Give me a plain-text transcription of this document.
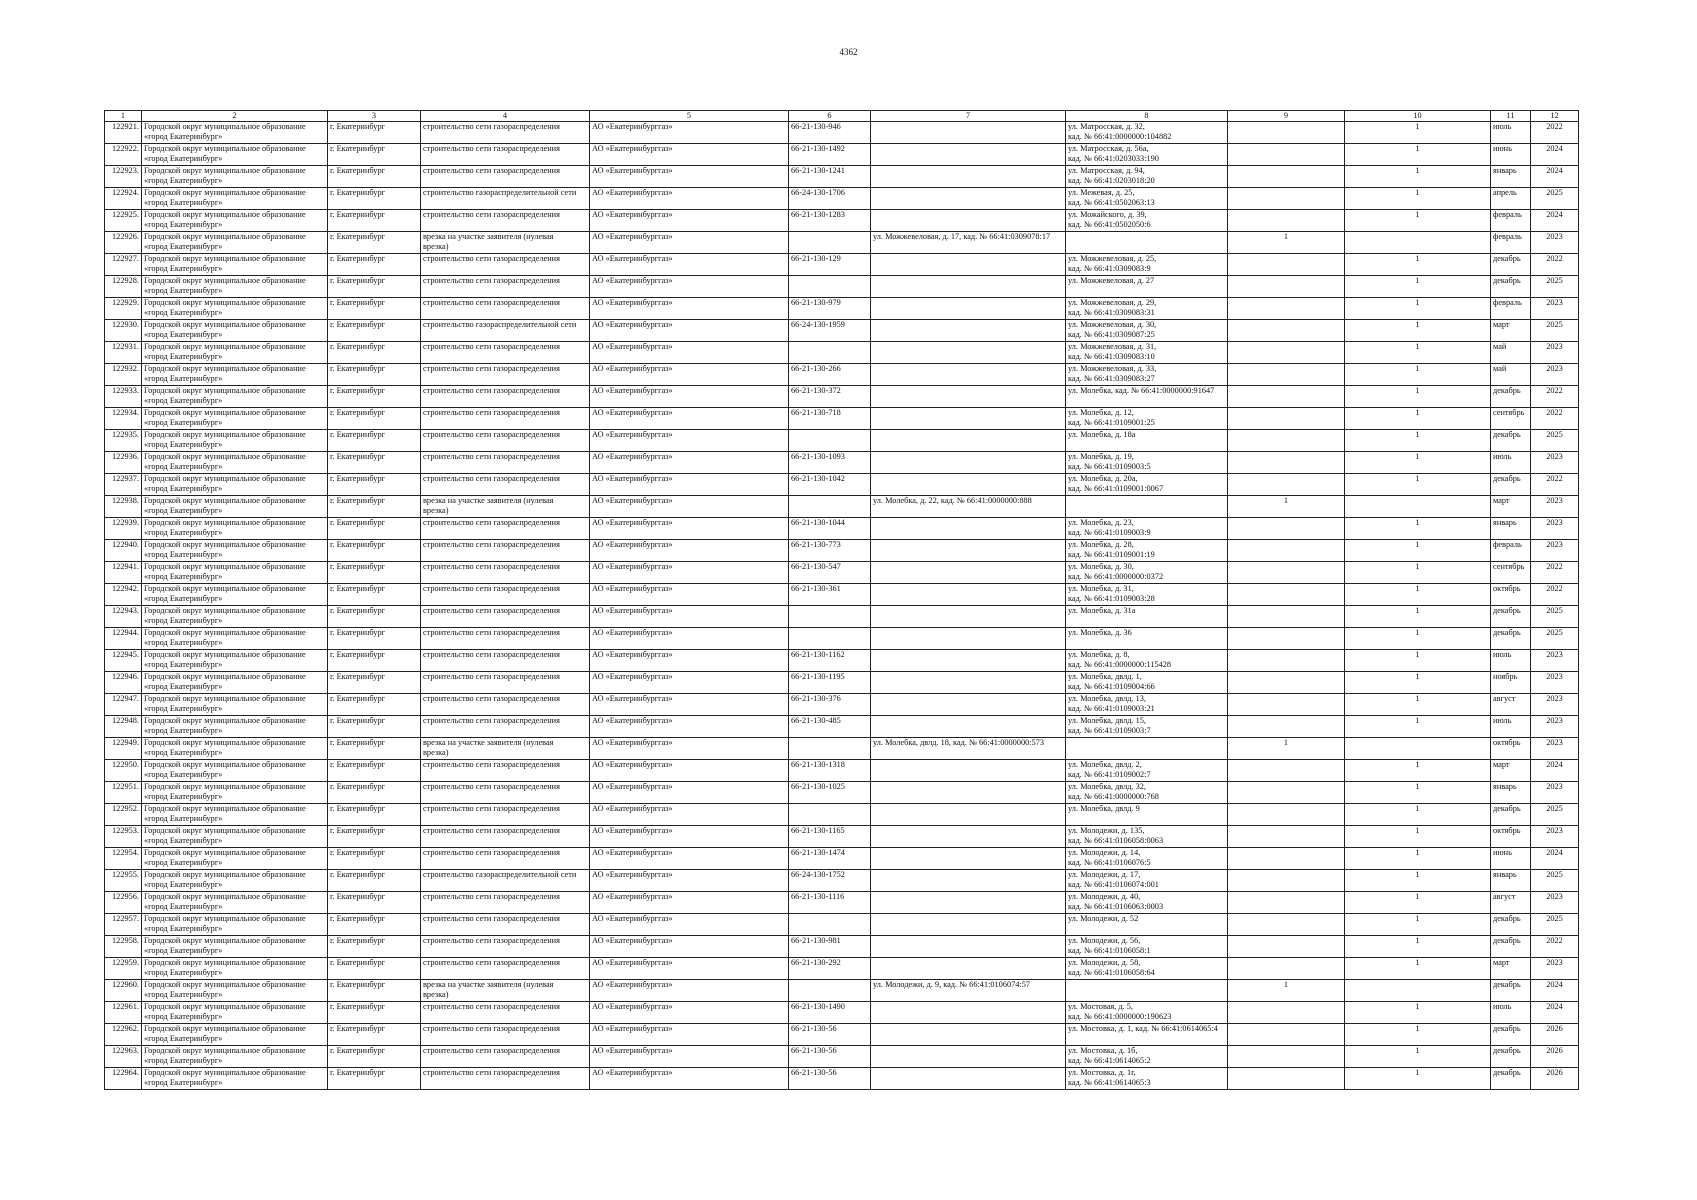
4362
1	2	3	4	5	6	7	8	9	10	11	12
122921.	Городской округ муниципальное образование
«город Екатеринбург»	г. Екатеринбург	строительство сети газораспределения	АО «Екатеринбурггаз»	66-21-130-946		ул. Матросская, д. 32,
кад. № 66:41:0000000:104882		1	июль	2022
122922.	Городской округ муниципальное образование
«город Екатеринбург»	г. Екатеринбург	строительство сети газораспределения	АО «Екатеринбурггаз»	66-21-130-1492		ул. Матросская, д. 56а,
кад. № 66:41:0203033:190		1	июнь	2024
122923.	Городской округ муниципальное образование
«город Екатеринбург»	г. Екатеринбург	строительство сети газораспределения	АО «Екатеринбурггаз»	66-21-130-1241		ул. Матросская, д. 94,
кад. № 66:41:0203018:20		1	январь	2024
122924.	Городской округ муниципальное образование
«город Екатеринбург»	г. Екатеринбург	строительство газораспределительной сети	АО «Екатеринбурггаз»	66-24-130-1706		ул. Межевая, д. 25,
кад. № 66:41:0502063:13		1	апрель	2025
122925.	Городской округ муниципальное образование
«город Екатеринбург»	г. Екатеринбург	строительство сети газораспределения	АО «Екатеринбурггаз»	66-21-130-1283		ул. Можайского, д. 39,
кад. № 66:41:0502050:6		1	февраль	2024
122926.	Городской округ муниципальное образование
«город Екатеринбург»	г. Екатеринбург	врезка на участке заявителя (нулевая
врезка)	АО «Екатеринбурггаз»		ул. Можжевеловая, д. 17, кад. № 66:41:0309078:17		1		февраль	2023
122927.	Городской округ муниципальное образование
«город Екатеринбург»	г. Екатеринбург	строительство сети газораспределения	АО «Екатеринбурггаз»	66-21-130-129		ул. Можжевеловая, д. 25,
кад. № 66:41:0309083:9		1	декабрь	2022
122928.	Городской округ муниципальное образование
«город Екатеринбург»	г. Екатеринбург	строительство сети газораспределения	АО «Екатеринбурггаз»			ул. Можжевеловая, д. 27		1	декабрь	2025
122929.	Городской округ муниципальное образование
«город Екатеринбург»	г. Екатеринбург	строительство сети газораспределения	АО «Екатеринбурггаз»	66-21-130-979		ул. Можжевеловая, д. 29,
кад. № 66:41:0309083:31		1	февраль	2023
122930.	Городской округ муниципальное образование
«город Екатеринбург»	г. Екатеринбург	строительство газораспределительной сети	АО «Екатеринбурггаз»	66-24-130-1959		ул. Можжевеловая, д. 30,
кад. № 66:41:0309087:25		1	март	2025
122931.	Городской округ муниципальное образование
«город Екатеринбург»	г. Екатеринбург	строительство сети газораспределения	АО «Екатеринбурггаз»			ул. Можжевеловая, д. 31,
кад. № 66:41:0309083:10		1	май	2023
122932.	Городской округ муниципальное образование
«город Екатеринбург»	г. Екатеринбург	строительство сети газораспределения	АО «Екатеринбурггаз»	66-21-130-266		ул. Можжевеловая, д. 33,
кад. № 66:41:0309083:27		1	май	2023
122933.	Городской округ муниципальное образование
«город Екатеринбург»	г. Екатеринбург	строительство сети газораспределения	АО «Екатеринбурггаз»	66-21-130-372		ул. Молебка, кад. № 66:41:0000000:91647		1	декабрь	2022
122934.	Городской округ муниципальное образование
«город Екатеринбург»	г. Екатеринбург	строительство сети газораспределения	АО «Екатеринбурггаз»	66-21-130-718		ул. Молебка, д. 12,
кад. № 66:41:0109001:25		1	сентябрь	2022
122935.	Городской округ муниципальное образование
«город Екатеринбург»	г. Екатеринбург	строительство сети газораспределения	АО «Екатеринбурггаз»			ул. Молебка, д. 18а		1	декабрь	2025
122936.	Городской округ муниципальное образование
«город Екатеринбург»	г. Екатеринбург	строительство сети газораспределения	АО «Екатеринбурггаз»	66-21-130-1093		ул. Молебка, д. 19,
кад. № 66:41:0109003:5		1	июль	2023
122937.	Городской округ муниципальное образование
«город Екатеринбург»	г. Екатеринбург	строительство сети газораспределения	АО «Екатеринбурггаз»	66-21-130-1042		ул. Молебка, д. 20а,
кад. № 66:41:0109001:0067		1	декабрь	2022
122938.	Городской округ муниципальное образование
«город Екатеринбург»	г. Екатеринбург	врезка на участке заявителя (нулевая
врезка)	АО «Екатеринбурггаз»		ул. Молебка, д. 22, кад. № 66:41:0000000:888		1		март	2023
122939.	Городской округ муниципальное образование
«город Екатеринбург»	г. Екатеринбург	строительство сети газораспределения	АО «Екатеринбурггаз»	66-21-130-1044		ул. Молебка, д. 23,
кад. № 66:41:0109003:9		1	январь	2023
122940.	Городской округ муниципальное образование
«город Екатеринбург»	г. Екатеринбург	строительство сети газораспределения	АО «Екатеринбурггаз»	66-21-130-773		ул. Молебка, д. 28,
кад. № 66:41:0109001:19		1	февраль	2023
122941.	Городской округ муниципальное образование
«город Екатеринбург»	г. Екатеринбург	строительство сети газораспределения	АО «Екатеринбурггаз»	66-21-130-547		ул. Молебка, д. 30,
кад. № 66:41:0000000:0372		1	сентябрь	2022
122942.	Городской округ муниципальное образование
«город Екатеринбург»	г. Екатеринбург	строительство сети газораспределения	АО «Екатеринбурггаз»	66-21-130-361		ул. Молебка, д. 31,
кад. № 66:41:0109003:28		1	октябрь	2022
122943.	Городской округ муниципальное образование
«город Екатеринбург»	г. Екатеринбург	строительство сети газораспределения	АО «Екатеринбурггаз»			ул. Молебка, д. 31а		1	декабрь	2025
122944.	Городской округ муниципальное образование
«город Екатеринбург»	г. Екатеринбург	строительство сети газораспределения	АО «Екатеринбурггаз»			ул. Молебка, д. 36		1	декабрь	2025
122945.	Городской округ муниципальное образование
«город Екатеринбург»	г. Екатеринбург	строительство сети газораспределения	АО «Екатеринбурггаз»	66-21-130-1162		ул. Молебка, д. 8,
кад. № 66:41:0000000:115428		1	июль	2023
122946.	Городской округ муниципальное образование
«город Екатеринбург»	г. Екатеринбург	строительство сети газораспределения	АО «Екатеринбурггаз»	66-21-130-1195		ул. Молебка, двлд. 1,
кад. № 66:41:0109004:66		1	ноябрь	2023
122947.	Городской округ муниципальное образование
«город Екатеринбург»	г. Екатеринбург	строительство сети газораспределения	АО «Екатеринбурггаз»	66-21-130-376		ул. Молебка, двлд. 13,
кад. № 66:41:0109003:21		1	август	2023
122948.	Городской округ муниципальное образование
«город Екатеринбург»	г. Екатеринбург	строительство сети газораспределения	АО «Екатеринбурггаз»	66-21-130-485		ул. Молебка, двлд. 15,
кад. № 66:41:0109003:7		1	июль	2023
122949.	Городской округ муниципальное образование
«город Екатеринбург»	г. Екатеринбург	врезка на участке заявителя (нулевая
врезка)	АО «Екатеринбурггаз»		ул. Молебка, двлд. 18, кад. № 66:41:0000000:573		1		октябрь	2023
122950.	Городской округ муниципальное образование
«город Екатеринбург»	г. Екатеринбург	строительство сети газораспределения	АО «Екатеринбурггаз»	66-21-130-1318		ул. Молебка, двлд. 2,
кад. № 66:41:0109002:7		1	март	2024
122951.	Городской округ муниципальное образование
«город Екатеринбург»	г. Екатеринбург	строительство сети газораспределения	АО «Екатеринбурггаз»	66-21-130-1025		ул. Молебка, двлд. 32,
кад. № 66:41:0000000:768		1	январь	2023
122952.	Городской округ муниципальное образование
«город Екатеринбург»	г. Екатеринбург	строительство сети газораспределения	АО «Екатеринбурггаз»			ул. Молебка, двлд. 9		1	декабрь	2025
122953.	Городской округ муниципальное образование
«город Екатеринбург»	г. Екатеринбург	строительство сети газораспределения	АО «Екатеринбурггаз»	66-21-130-1165		ул. Молодежи, д. 135,
кад. № 66:41:0106058:0063		1	октябрь	2023
122954.	Городской округ муниципальное образование
«город Екатеринбург»	г. Екатеринбург	строительство сети газораспределения	АО «Екатеринбурггаз»	66-21-130-1474		ул. Молодежи, д. 14,
кад. № 66:41:0106076:5		1	июнь	2024
122955.	Городской округ муниципальное образование
«город Екатеринбург»	г. Екатеринбург	строительство газораспределительной сети	АО «Екатеринбурггаз»	66-24-130-1752		ул. Молодежи, д. 17,
кад. № 66:41:0106074:001		1	январь	2025
122956.	Городской округ муниципальное образование
«город Екатеринбург»	г. Екатеринбург	строительство сети газораспределения	АО «Екатеринбурггаз»	66-21-130-1116		ул. Молодежи, д. 40,
кад. № 66:41:0106063:0003		1	август	2023
122957.	Городской округ муниципальное образование
«город Екатеринбург»	г. Екатеринбург	строительство сети газораспределения	АО «Екатеринбурггаз»			ул. Молодежи, д. 52		1	декабрь	2025
122958.	Городской округ муниципальное образование
«город Екатеринбург»	г. Екатеринбург	строительство сети газораспределения	АО «Екатеринбурггаз»	66-21-130-981		ул. Молодежи, д. 56,
кад. № 66:41:0106058:1		1	декабрь	2022
122959.	Городской округ муниципальное образование
«город Екатеринбург»	г. Екатеринбург	строительство сети газораспределения	АО «Екатеринбурггаз»	66-21-130-292		ул. Молодежи, д. 58,
кад. № 66:41:0106058:64		1	март	2023
122960.	Городской округ муниципальное образование
«город Екатеринбург»	г. Екатеринбург	врезка на участке заявителя (нулевая
врезка)	АО «Екатеринбурггаз»		ул. Молодежи, д. 9, кад. № 66:41:0106074:57		1		декабрь	2024
122961.	Городской округ муниципальное образование
«город Екатеринбург»	г. Екатеринбург	строительство сети газораспределения	АО «Екатеринбурггаз»	66-21-130-1490		ул. Мостовая, д. 5,
кад. № 66:41:0000000:190623		1	июль	2024
122962.	Городской округ муниципальное образование
«город Екатеринбург»	г. Екатеринбург	строительство сети газораспределения	АО «Екатеринбурггаз»	66-21-130-56		ул. Мостовка, д. 1, кад. № 66:41:0614065:4		1	декабрь	2026
122963.	Городской округ муниципальное образование
«город Екатеринбург»	г. Екатеринбург	строительство сети газораспределения	АО «Екатеринбурггаз»	66-21-130-56		ул. Мостовка, д. 1б,
кад. № 66:41:0614065:2		1	декабрь	2026
122964.	Городской округ муниципальное образование
«город Екатеринбург»	г. Екатеринбург	строительство сети газораспределения	АО «Екатеринбурггаз»	66-21-130-56		ул. Мостовка, д. 1г,
кад. № 66:41:0614065:3		1	декабрь	2026
